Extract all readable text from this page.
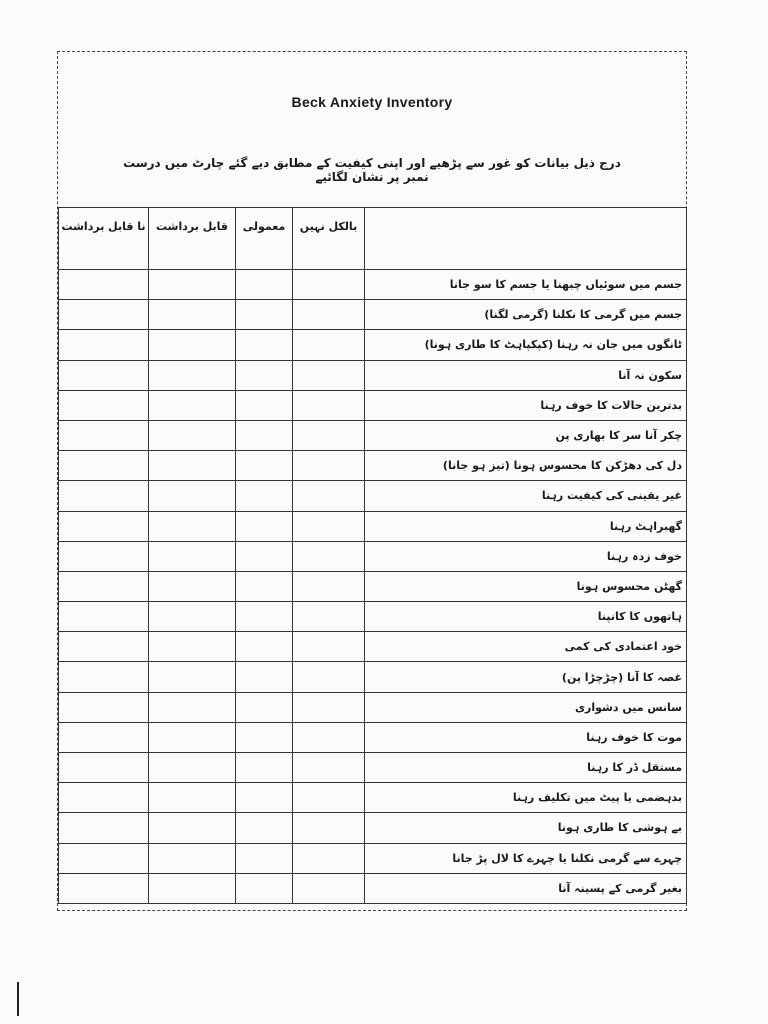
Beck Anxiety Inventory
درج ذیل بیانات کو غور سے پڑھیے اور اپنی کیفیت کے مطابق دیے گئے چارٹ میں درست نمبر پر نشان لگائیے
نا قابل برداشت	قابل برداشت	معمولی	بالکل نہیں	
				جسم میں سوئیاں چبھنا یا جسم کا سو جانا
				جسم میں گرمی کا نکلنا (گرمی لگنا)
				ٹانگوں میں جان نہ رہنا (کپکپاہٹ کا طاری ہونا)
				سکون نہ آنا
				بدترین حالات کا خوف رہنا
				چکر آنا سر کا بھاری پن
				دل کی دھڑکن کا محسوس ہونا (تیز ہو جانا)
				غیر یقینی کی کیفیت رہنا
				گھبراہٹ رہنا
				خوف زدہ رہنا
				گھٹن محسوس ہونا
				ہاتھوں کا کانپنا
				خود اعتمادی کی کمی
				غصہ کا آنا (چڑچڑا پن)
				سانس میں دشواری
				موت کا خوف رہنا
				مستقل ڈر کا رہنا
				بدہضمی یا پیٹ میں تکلیف رہنا
				بے ہوشی کا طاری ہونا
				چہرے سے گرمی نکلنا یا چہرے کا لال پڑ جانا
				بغیر گرمی کے پسینہ آنا
